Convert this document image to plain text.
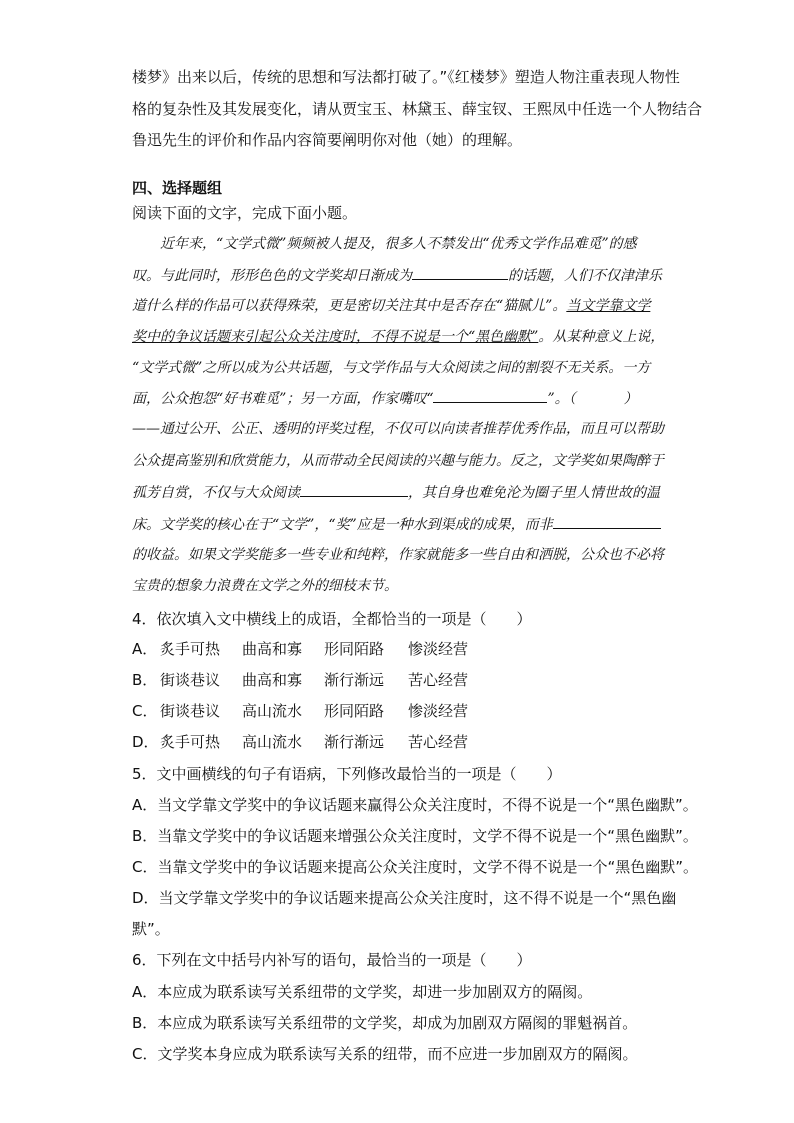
楼梦》出来以后，传统的思想和写法都打破了。”《红楼梦》塑造人物注重表现人物性
格的复杂性及其发展变化，请从贾宝玉、林黛玉、薛宝钗、王熙凤中任选一个人物结合
鲁迅先生的评价和作品内容简要阐明你对他（她）的理解。
四、选择题组
阅读下面的文字，完成下面小题。
近年来，“文学式微”频频被人提及，很多人不禁发出“优秀文学作品难觅”的感
叹。与此同时，形形色色的文学奖却日渐成为	的话题，人们不仅津津乐
道什么样的作品可以获得殊荣，更是密切关注其中是否存在“猫腻儿”。当文学靠文学
奖中的争议话题来引起公众关注度时，不得不说是一个“黑色幽默”。从某种意义上说，
“文学式微”之所以成为公共话题，与文学作品与大众阅读之间的割裂不无关系。一方
面，公众抱怨“好书难觅”；另一方面，作家嘴叹“	”。（	）
——通过公开、公正、透明的评奖过程，不仅可以向读者推荐优秀作品，而且可以帮助
公众提高鉴别和欣赏能力，从而带动全民阅读的兴趣与能力。反之，文学奖如果陶醉于
孤芳自赏，不仅与大众阅读	，其自身也难免沦为圈子里人情世故的温
床。文学奖的核心在于“文学”，“奖”应是一种水到渠成的成果，而非
的收益。如果文学奖能多一些专业和纯粹，作家就能多一些自由和洒脱，公众也不必将
宝贵的想象力浪费在文学之外的细枝末节。
4．依次填入文中横线上的成语，全都恰当的一项是（　　）
A． 炙手可热 曲高和寡 形同陌路 惨淡经营
B． 街谈巷议 曲高和寡 渐行渐远 苦心经营
C． 街谈巷议 高山流水 形同陌路 惨淡经营
D．炙手可热 高山流水 渐行渐远 苦心经营
5．文中画横线的句子有语病，下列修改最恰当的一项是（　　）
A．当文学靠文学奖中的争议话题来赢得公众关注度时，不得不说是一个“黑色幽默”。
B．当靠文学奖中的争议话题来增强公众关注度时，文学不得不说是一个“黑色幽默”。
C．当靠文学奖中的争议话题来提高公众关注度时，文学不得不说是一个“黑色幽默”。
D．当文学靠文学奖中的争议话题来提高公众关注度时，这不得不说是一个“黑色幽
默”。
6．下列在文中括号内补写的语句，最恰当的一项是（　　）
A．本应成为联系读写关系纽带的文学奖，却进一步加剧双方的隔阂。
B．本应成为联系读写关系纽带的文学奖，却成为加剧双方隔阂的罪魁祸首。
C．文学奖本身应成为联系读写关系的纽带，而不应进一步加剧双方的隔阂。
